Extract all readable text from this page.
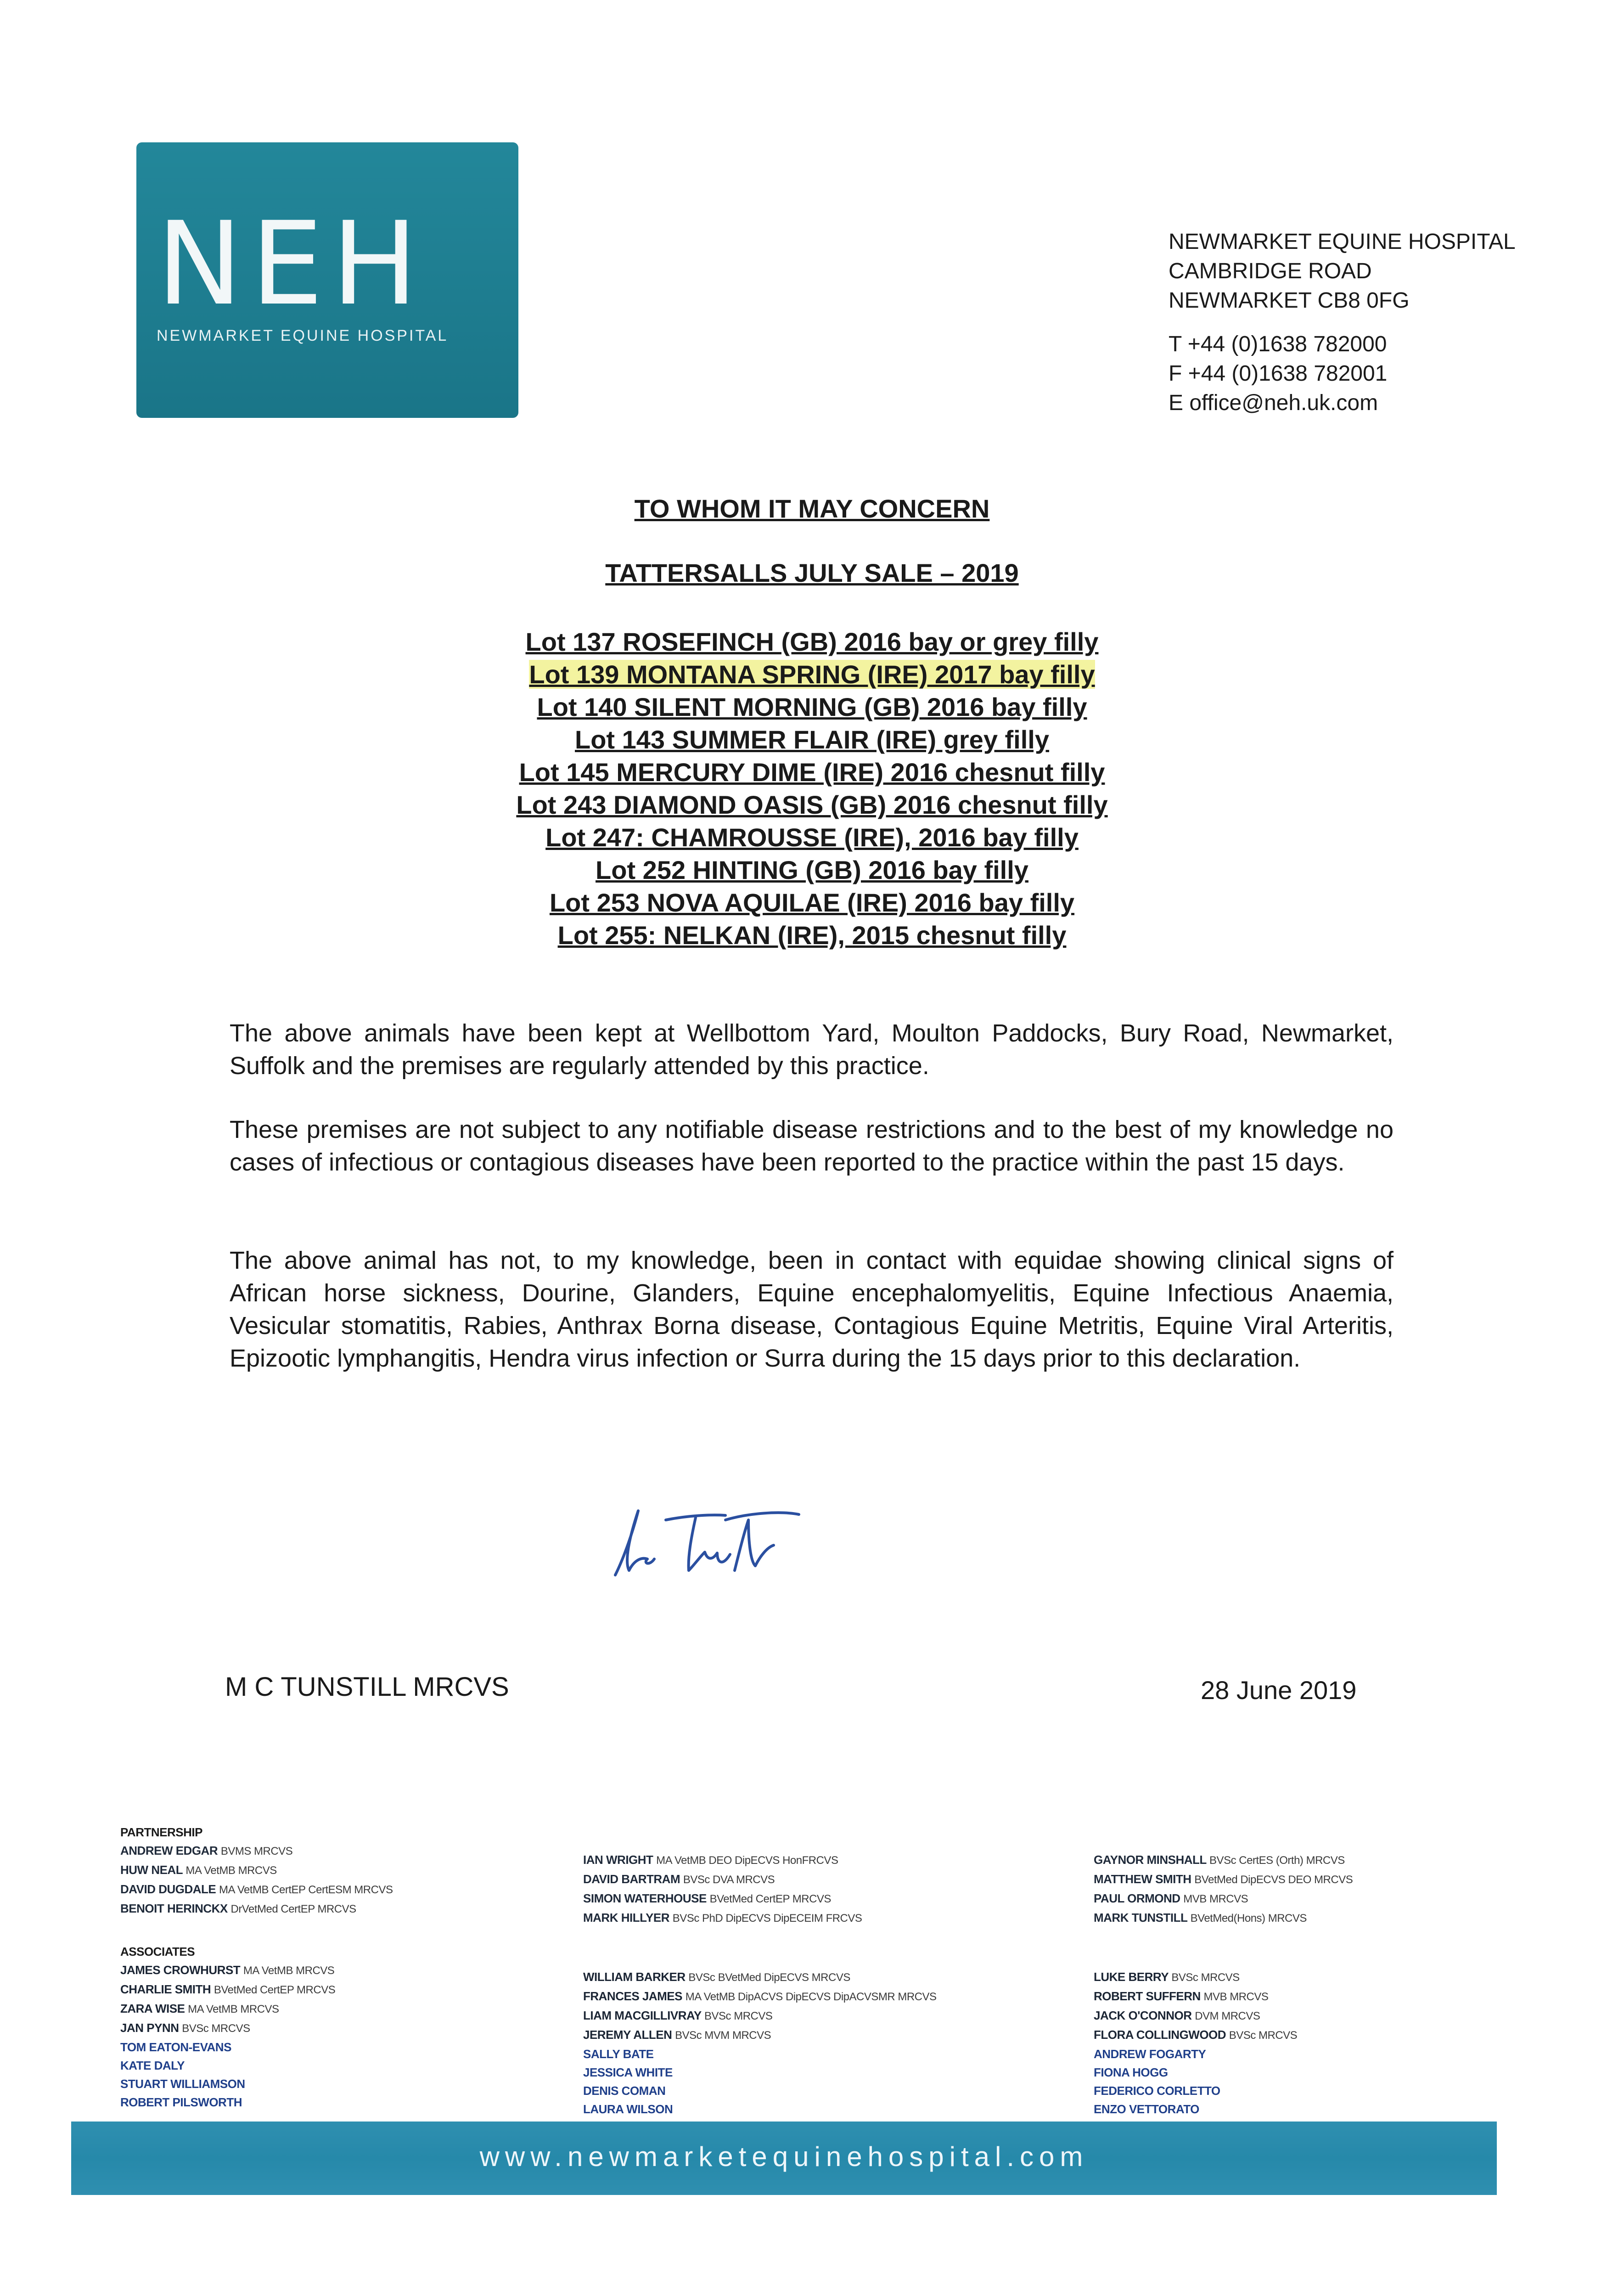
NEH
NEWMARKET EQUINE HOSPITAL
NEWMARKET EQUINE HOSPITAL
CAMBRIDGE ROAD
NEWMARKET CB8 0FG
T +44 (0)1638 782000
F +44 (0)1638 782001
E office@neh.uk.com
TO WHOM IT MAY CONCERN
TATTERSALLS JULY SALE – 2019
Lot 137 ROSEFINCH (GB) 2016 bay or grey filly
Lot 139 MONTANA SPRING (IRE) 2017 bay filly
Lot 140 SILENT MORNING (GB) 2016 bay filly
Lot 143 SUMMER FLAIR (IRE) grey filly
Lot 145 MERCURY DIME (IRE) 2016 chesnut filly
Lot 243 DIAMOND OASIS (GB) 2016 chesnut filly
Lot 247: CHAMROUSSE (IRE), 2016 bay filly
Lot 252 HINTING (GB) 2016 bay filly
Lot 253 NOVA AQUILAE (IRE) 2016 bay filly
Lot 255: NELKAN (IRE), 2015 chesnut filly
The above animals have been kept at Wellbottom Yard, Moulton Paddocks, Bury Road, Newmarket, Suffolk and the premises are regularly attended by this practice.
These premises are not subject to any notifiable disease restrictions and to the best of my knowledge no cases of infectious or contagious diseases have been reported to the practice within the past 15 days.
The above animal has not, to my knowledge, been in contact with equidae showing clinical signs of African horse sickness, Dourine, Glanders, Equine encephalomyelitis, Equine Infectious Anaemia, Vesicular stomatitis, Rabies, Anthrax Borna disease, Contagious Equine Metritis, Equine Viral Arteritis, Epizootic lymphangitis, Hendra virus infection or Surra during the 15 days prior to this declaration.
M C TUNSTILL MRCVS	28 June 2019
PARTNERSHIP
ANDREW EDGAR BVMS MRCVS
HUW NEAL MA VetMB MRCVS
DAVID DUGDALE MA VetMB CertEP CertESM MRCVS
BENOIT HERINCKX DrVetMed CertEP MRCVS
IAN WRIGHT MA VetMB DEO DipECVS HonFRCVS
DAVID BARTRAM BVSc DVA MRCVS
SIMON WATERHOUSE BVetMed CertEP MRCVS
MARK HILLYER BVSc PhD DipECVS DipECEIM FRCVS
GAYNOR MINSHALL BVSc CertES (Orth) MRCVS
MATTHEW SMITH BVetMed DipECVS DEO MRCVS
PAUL ORMOND MVB MRCVS
MARK TUNSTILL BVetMed(Hons) MRCVS
ASSOCIATES
JAMES CROWHURST MA VetMB MRCVS
CHARLIE SMITH BVetMed CertEP MRCVS
ZARA WISE MA VetMB MRCVS
JAN PYNN BVSc MRCVS
TOM EATON-EVANS
KATE DALY
STUART WILLIAMSON
ROBERT PILSWORTH
WILLIAM BARKER BVSc BVetMed DipECVS MRCVS
FRANCES JAMES MA VetMB DipACVS DipECVS DipACVSMR MRCVS
LIAM MACGILLIVRAY BVSc MRCVS
JEREMY ALLEN BVSc MVM MRCVS
SALLY BATE
JESSICA WHITE
DENIS COMAN
LAURA WILSON
LUKE BERRY BVSc MRCVS
ROBERT SUFFERN MVB MRCVS
JACK O'CONNOR DVM MRCVS
FLORA COLLINGWOOD BVSc MRCVS
ANDREW FOGARTY
FIONA HOGG
FEDERICO CORLETTO
ENZO VETTORATO
www.newmarketequinehospital.com
